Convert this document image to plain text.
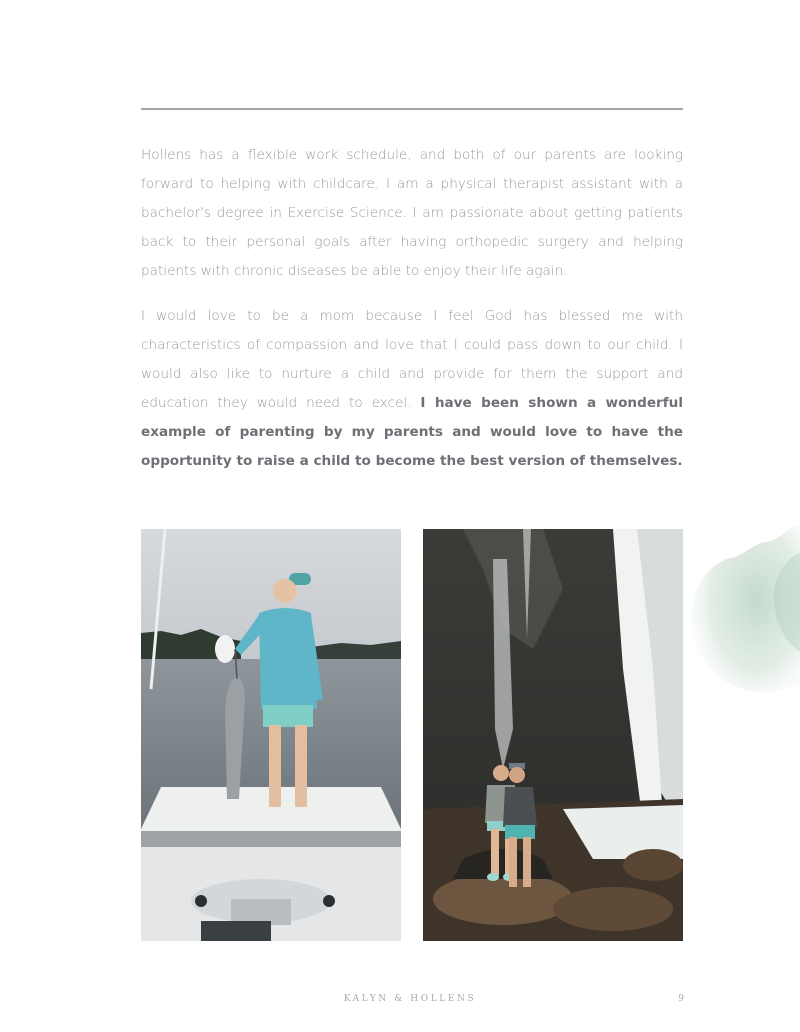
Hollens has a flexible work schedule, and both of our parents are looking forward to helping with childcare. I am a physical therapist assistant with a bachelor's degree in Exercise Science. I am passionate about getting patients back to their personal goals after having orthopedic surgery and helping patients with chronic diseases be able to enjoy their life again.

I would love to be a mom because I feel God has blessed me with characteristics of compassion and love that I could pass down to our child. I would also like to nurture a child and provide for them the support and education they would need to excel. I have been shown a wonderful example of parenting by my parents and would love to have the opportunity to raise a child to become the best version of themselves.

KALYN & HOLLENS	9
